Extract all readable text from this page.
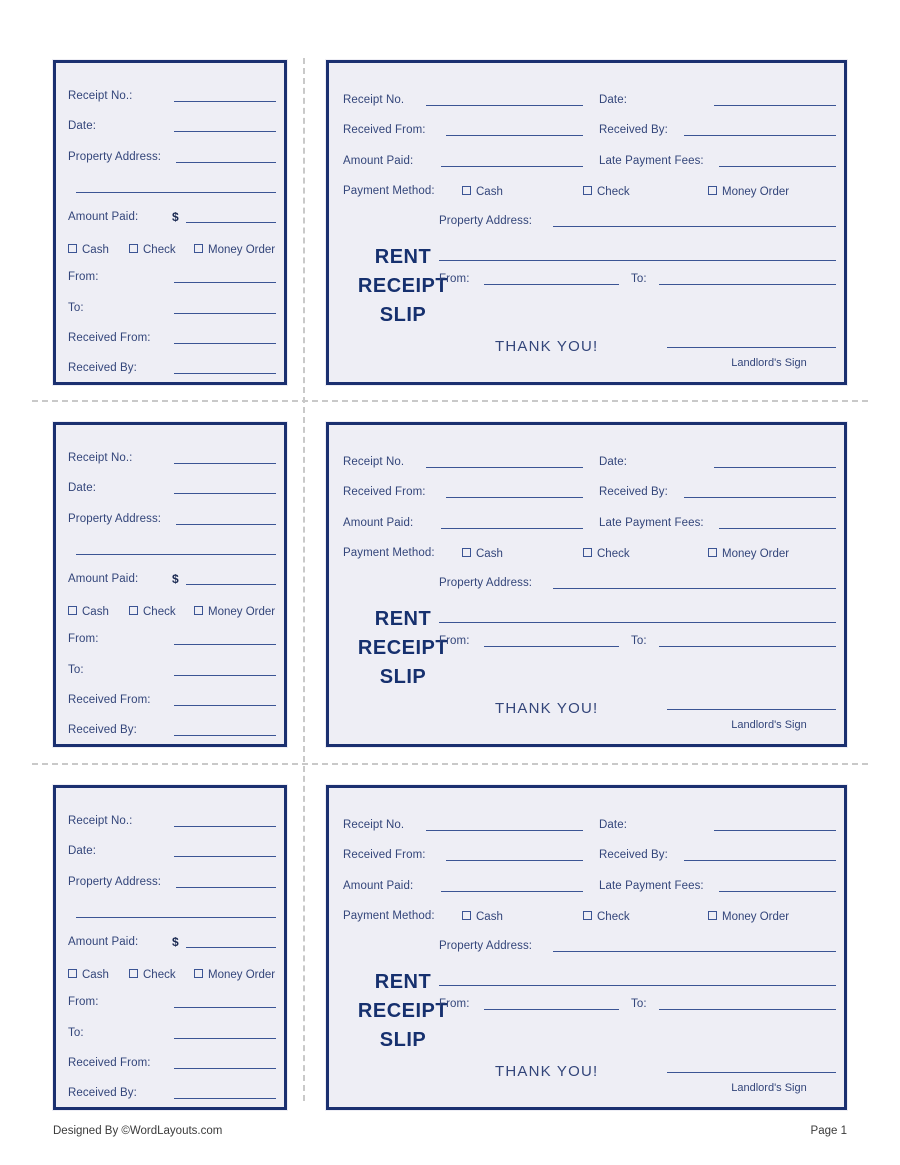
Receipt No.:
Date:
Property Address:
Amount Paid:	$
Cash	Check	Money Order
From:
To:
Received From:
Received By:
Receipt No.	Date:
Received From:	Received By:
Amount Paid:	Late Payment Fees:
Payment Method:	Cash	Check	Money Order
Property Address:
RENT
RECEIPT
SLIP
From:	To:
THANK YOU!
Landlord's Sign
Receipt No.:
Date:
Property Address:
Amount Paid:	$
Cash	Check	Money Order
From:
To:
Received From:
Received By:
Receipt No.	Date:
Received From:	Received By:
Amount Paid:	Late Payment Fees:
Payment Method:	Cash	Check	Money Order
Property Address:
RENT
RECEIPT
SLIP
From:	To:
THANK YOU!
Landlord's Sign
Receipt No.:
Date:
Property Address:
Amount Paid:	$
Cash	Check	Money Order
From:
To:
Received From:
Received By:
Receipt No.	Date:
Received From:	Received By:
Amount Paid:	Late Payment Fees:
Payment Method:	Cash	Check	Money Order
Property Address:
RENT
RECEIPT
SLIP
From:	To:
THANK YOU!
Landlord's Sign
Designed By ©WordLayouts.com	Page 1
